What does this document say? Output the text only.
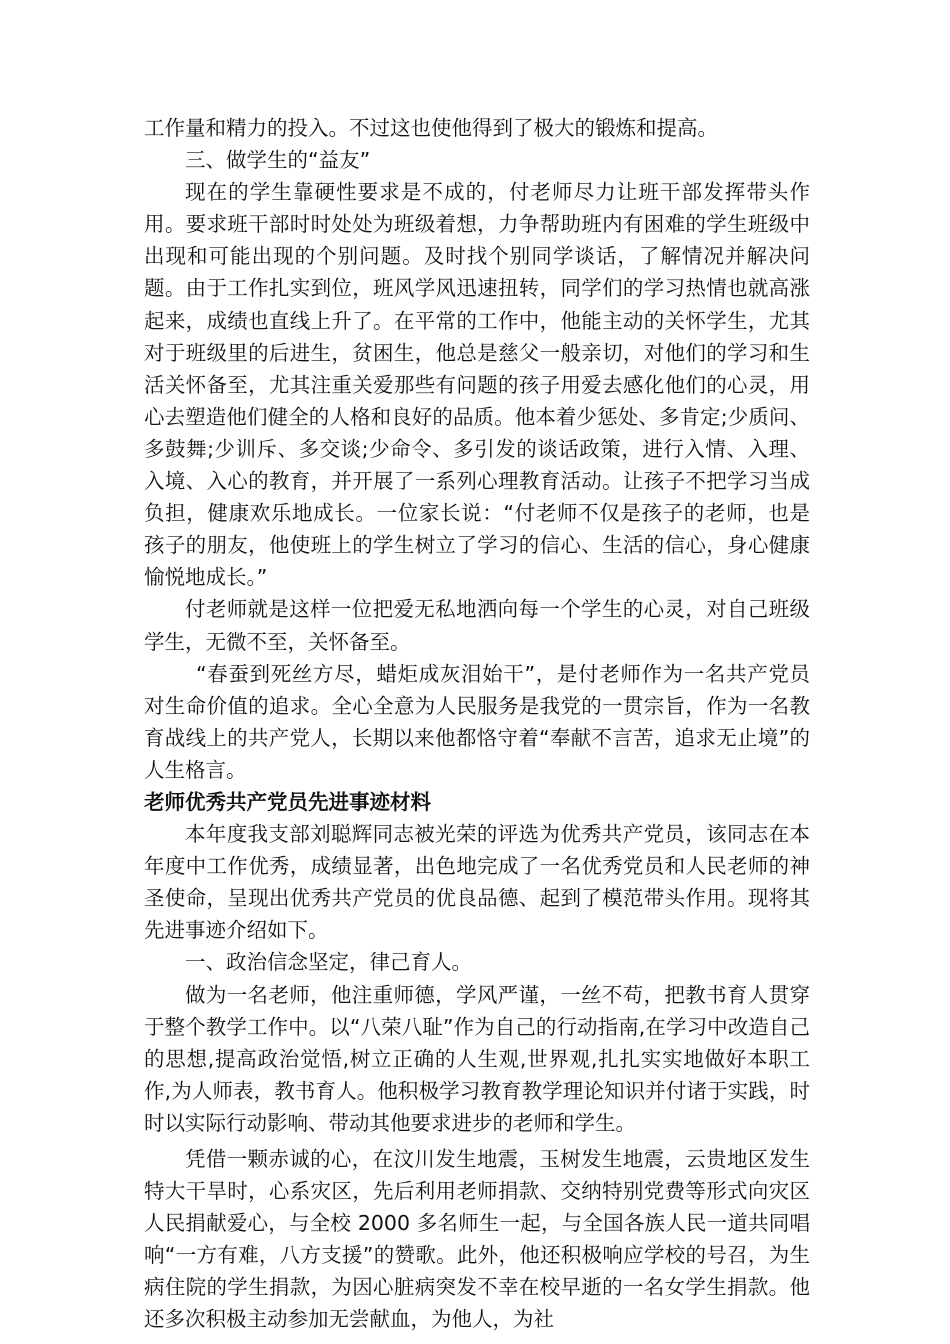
工作量和精力的投入。不过这也使他得到了极大的锻炼和提高。

三、做学生的“益友”

现在的学生靠硬性要求是不成的，付老师尽力让班干部发挥带头作用。要求班干部时时处处为班级着想，力争帮助班内有困难的学生班级中出现和可能出现的个别问题。及时找个别同学谈话，了解情况并解决问题。由于工作扎实到位，班风学风迅速扭转，同学们的学习热情也就高涨起来，成绩也直线上升了。在平常的工作中，他能主动的关怀学生，尤其对于班级里的后进生，贫困生，他总是慈父一般亲切，对他们的学习和生活关怀备至，尤其注重关爱那些有问题的孩子用爱去感化他们的心灵，用心去塑造他们健全的人格和良好的品质。他本着少惩处、多肯定;少质问、多鼓舞;少训斥、多交谈;少命令、多引发的谈话政策，进行入情、入理、入境、入心的教育，并开展了一系列心理教育活动。让孩子不把学习当成负担，健康欢乐地成长。一位家长说：“付老师不仅是孩子的老师，也是孩子的朋友，他使班上的学生树立了学习的信心、生活的信心，身心健康愉悦地成长。”

付老师就是这样一位把爱无私地洒向每一个学生的心灵，对自己班级学生，无微不至，关怀备至。

“春蚕到死丝方尽，蜡炬成灰泪始干”，是付老师作为一名共产党员对生命价值的追求。全心全意为人民服务是我党的一贯宗旨，作为一名教育战线上的共产党人，长期以来他都恪守着“奉献不言苦，追求无止境”的人生格言。

老师优秀共产党员先进事迹材料

本年度我支部刘聪辉同志被光荣的评选为优秀共产党员，该同志在本年度中工作优秀，成绩显著，出色地完成了一名优秀党员和人民老师的神圣使命，呈现出优秀共产党员的优良品德、起到了模范带头作用。现将其先进事迹介绍如下。

一、政治信念坚定，律己育人。

做为一名老师，他注重师德，学风严谨，一丝不苟，把教书育人贯穿于整个教学工作中。以“八荣八耻”作为自己的行动指南,在学习中改造自己的思想,提高政治觉悟,树立正确的人生观,世界观,扎扎实实地做好本职工作,为人师表，教书育人。他积极学习教育教学理论知识并付诸于实践，时时以实际行动影响、带动其他要求进步的老师和学生。

凭借一颗赤诚的心，在汶川发生地震，玉树发生地震，云贵地区发生特大干旱时，心系灾区，先后利用老师捐款、交纳特别党费等形式向灾区人民捐献爱心，与全校 2000 多名师生一起，与全国各族人民一道共同唱响“一方有难，八方支援”的赞歌。此外，他还积极响应学校的号召，为生病住院的学生捐款，为因心脏病突发不幸在校早逝的一名女学生捐款。他还多次积极主动参加无尝献血，为他人，为社
